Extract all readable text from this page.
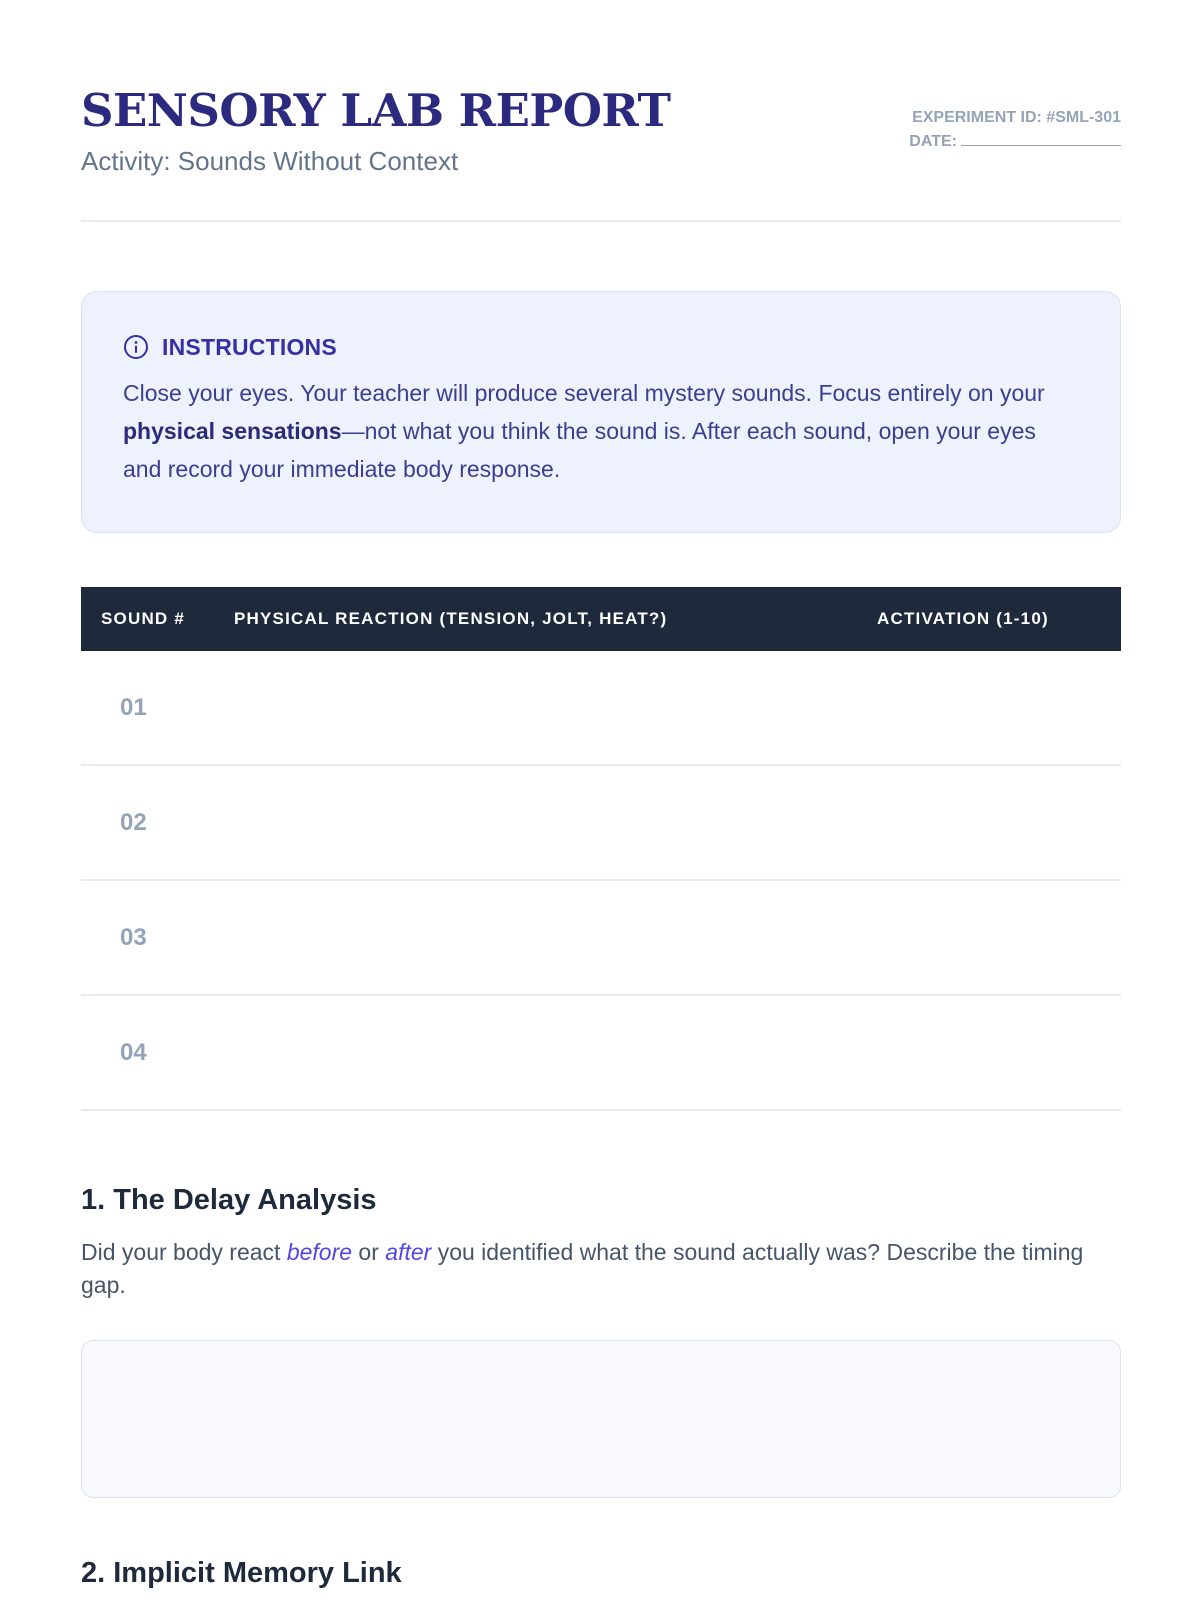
SENSORY LAB REPORT
Activity: Sounds Without Context
EXPERIMENT ID: #SML-301
DATE:
INSTRUCTIONS

Close your eyes. Your teacher will produce several mystery sounds. Focus entirely on your physical sensations—not what you think the sound is. After each sound, open your eyes and record your immediate body response.

SOUND #	PHYSICAL REACTION (TENSION, JOLT, HEAT?)	ACTIVATION (1-10)
01
02
03
04
1. The Delay Analysis

Did your body react before or after you identified what the sound actually was? Describe the timing gap.

2. Implicit Memory Link
